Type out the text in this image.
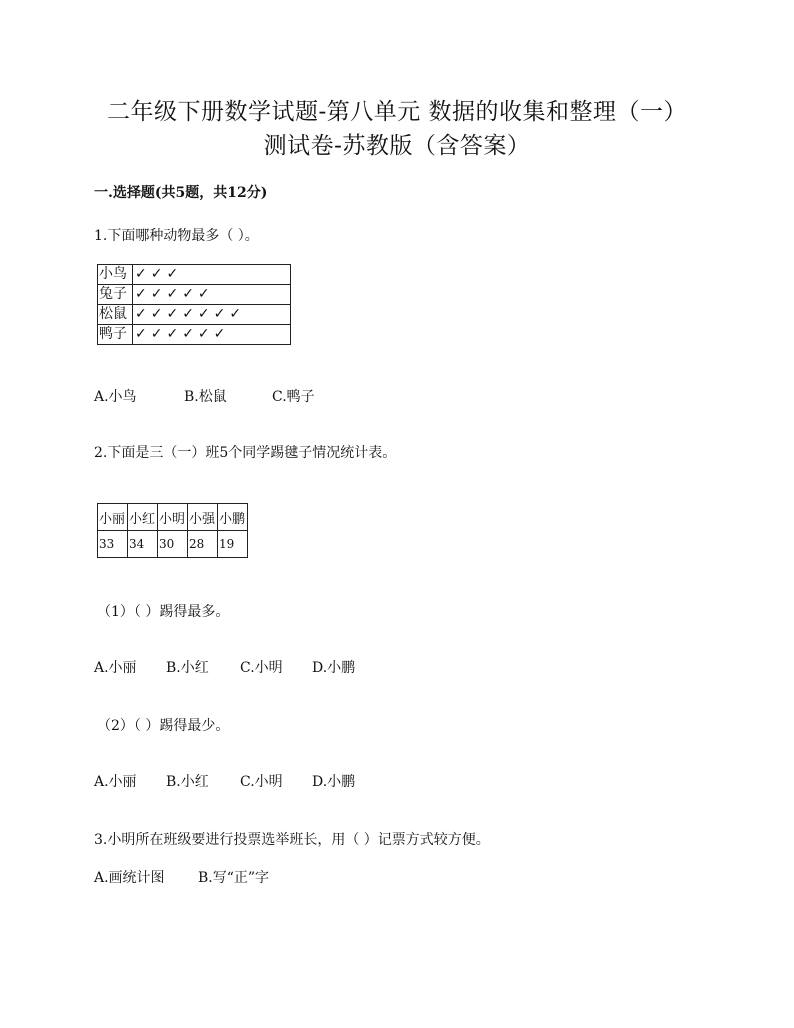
二年级下册数学试题-第八单元 数据的收集和整理（一）
测试卷-苏教版（含答案）
一.选择题(共5题，共12分)
1.下面哪种动物最多（ ）。
小鸟	✓✓✓
兔子	✓✓✓✓✓
松鼠	✓✓✓✓✓✓✓
鸭子	✓✓✓✓✓✓
A.小鸟	B.松鼠	C.鸭子
2.下面是三（一）班5个同学踢毽子情况统计表。
小丽	小红	小明	小强	小鹏
33	34	30	28	19
（1）（ ）踢得最多。
A.小丽 B.小红 C.小明 D.小鹏
（2）（ ）踢得最少。
A.小丽 B.小红 C.小明 D.小鹏
3.小明所在班级要进行投票选举班长，用（ ）记票方式较方便。
A.画统计图 B.写“正”字
